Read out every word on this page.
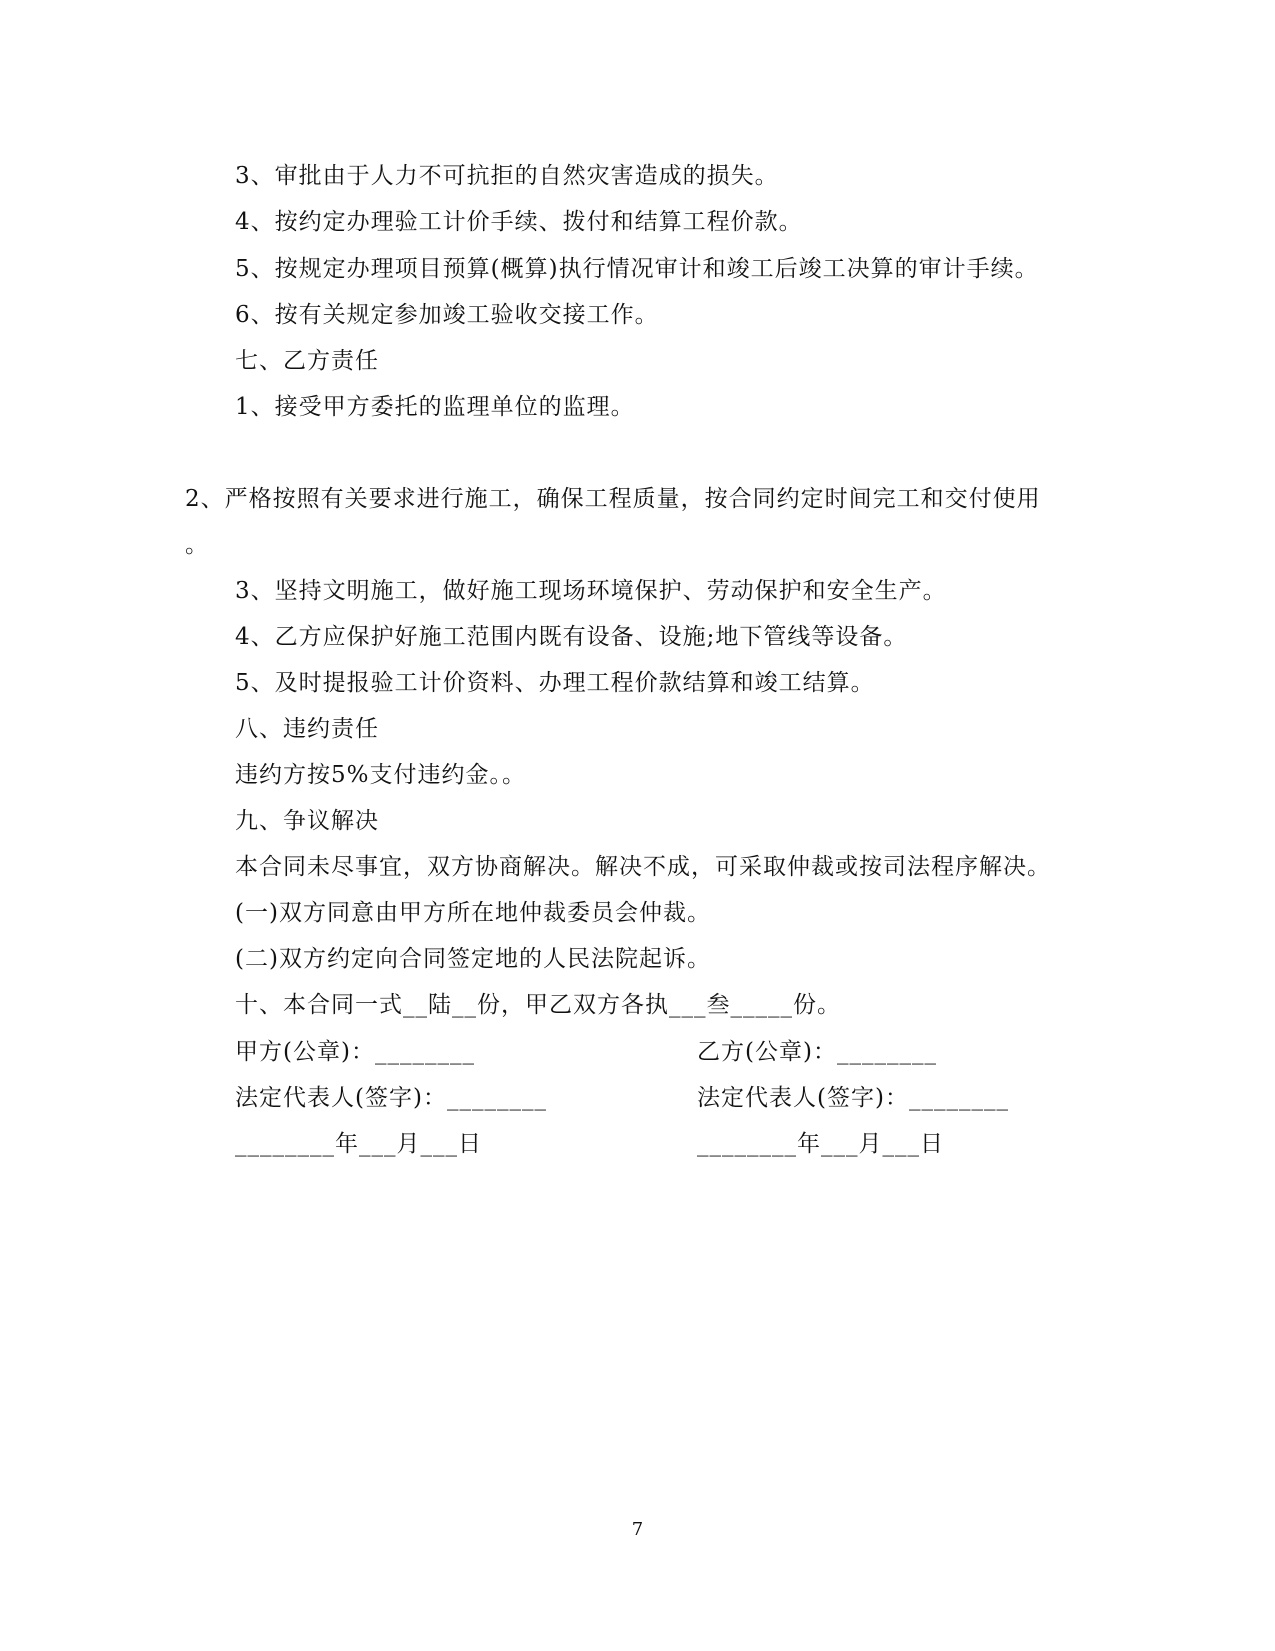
3、审批由于人力不可抗拒的自然灾害造成的损失。
4、按约定办理验工计价手续、拨付和结算工程价款。
5、按规定办理项目预算(概算)执行情况审计和竣工后竣工决算的审计手续。
6、按有关规定参加竣工验收交接工作。
七、乙方责任
1、接受甲方委托的监理单位的监理。
2、严格按照有关要求进行施工，确保工程质量，按合同约定时间完工和交付使用
。
3、坚持文明施工，做好施工现场环境保护、劳动保护和安全生产。
4、乙方应保护好施工范围内既有设备、设施;地下管线等设备。
5、及时提报验工计价资料、办理工程价款结算和竣工结算。
八、违约责任
违约方按5%支付违约金。。
九、争议解决
本合同未尽事宜，双方协商解决。解决不成，可采取仲裁或按司法程序解决。
(一)双方同意由甲方所在地仲裁委员会仲裁。
(二)双方约定向合同签定地的人民法院起诉。
十、本合同一式__陆__份，甲乙双方各执___叁_____份。
甲方(公章)：________	乙方(公章)：________
法定代表人(签字)：________	法定代表人(签字)：________
________年___月___日	________年___月___日
7
